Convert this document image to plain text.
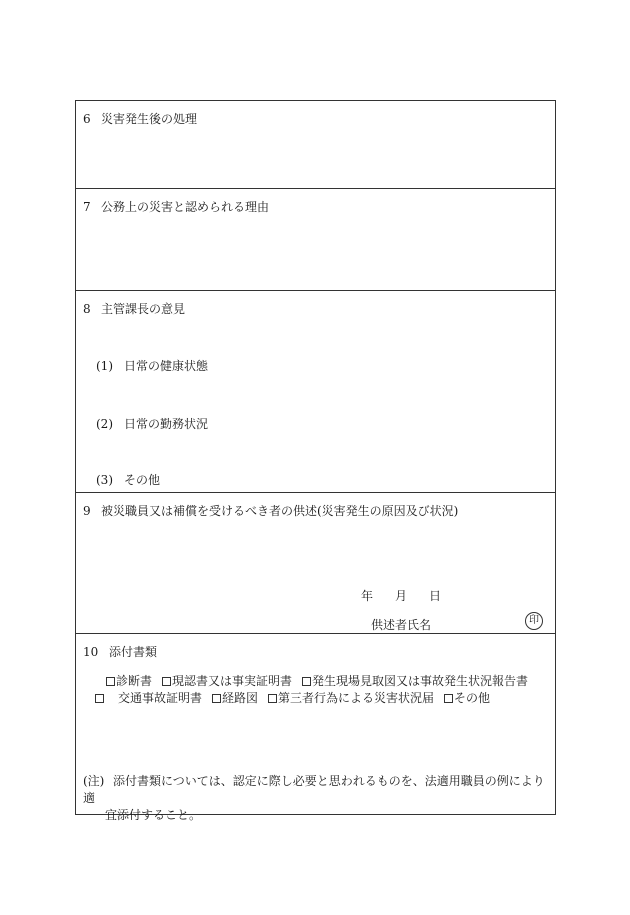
6 災害発生後の処理
7 公務上の災害と認められる理由
8 主管課長の意見
(1) 日常の健康状態
(2) 日常の勤務状況
(3) その他
9 被災職員又は補償を受けるべき者の供述(災害発生の原因及び状況)
年 月 日
供述者氏名	印
10 添付書類
診断書 現認書又は事実証明書 発生現場見取図又は事故発生状況報告書
交通事故証明書 経路図 第三者行為による災害状況届 その他
(注) 添付書類については、認定に際し必要と思われるものを、法適用職員の例により適
宜添付すること。
